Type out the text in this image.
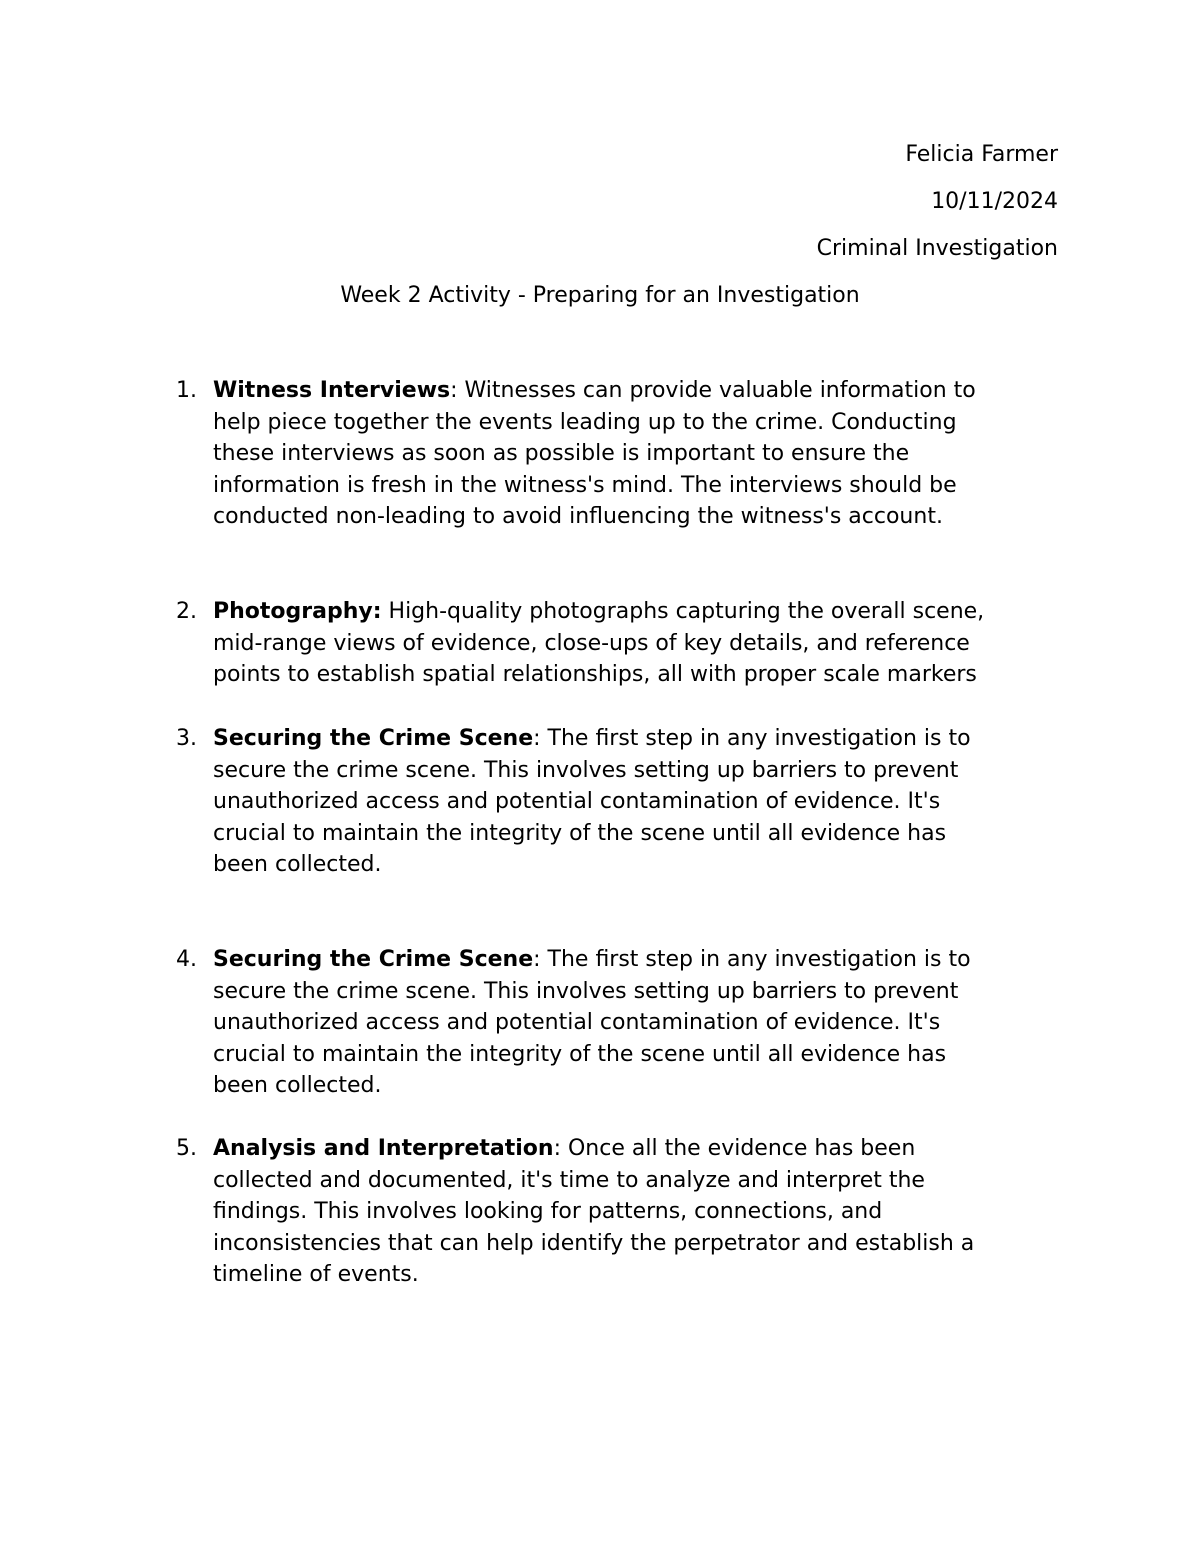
Felicia Farmer
10/11/2024
Criminal Investigation
Week 2 Activity - Preparing for an Investigation
1. Witness Interviews: Witnesses can provide valuable information to
help piece together the events leading up to the crime. Conducting
these interviews as soon as possible is important to ensure the
information is fresh in the witness's mind. The interviews should be
conducted non-leading to avoid influencing the witness's account.
2. Photography: High-quality photographs capturing the overall scene,
mid-range views of evidence, close-ups of key details, and reference
points to establish spatial relationships, all with proper scale markers
3. Securing the Crime Scene: The first step in any investigation is to
secure the crime scene. This involves setting up barriers to prevent
unauthorized access and potential contamination of evidence. It's
crucial to maintain the integrity of the scene until all evidence has
been collected.
4. Securing the Crime Scene: The first step in any investigation is to
secure the crime scene. This involves setting up barriers to prevent
unauthorized access and potential contamination of evidence. It's
crucial to maintain the integrity of the scene until all evidence has
been collected.
5. Analysis and Interpretation: Once all the evidence has been
collected and documented, it's time to analyze and interpret the
findings. This involves looking for patterns, connections, and
inconsistencies that can help identify the perpetrator and establish a
timeline of events.
